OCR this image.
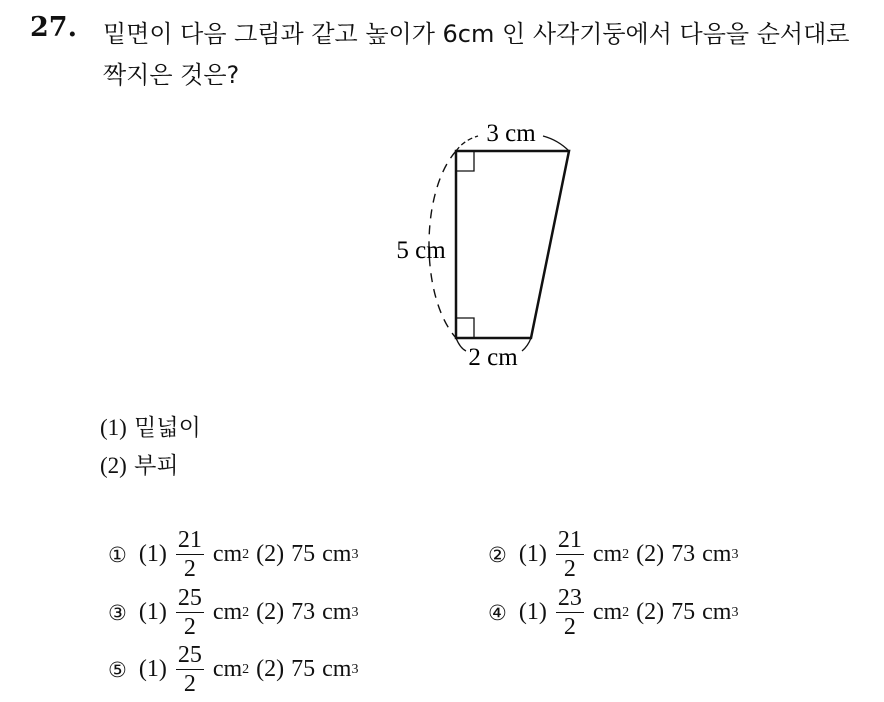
27. 밑면이 다음 그림과 같고 높이가 6cm 인 사각기둥에서 다음을 순서대로 짝지은 것은?
3 cm
5 cm
2 cm
(1) 밑넓이
(2) 부피
① $(1) \frac{21}{2}$ cm 2 (2) 75 cm 3	② $(1) \frac{21}{2}$ cm 2 (2) 73 cm 3
③ $(1) \frac{25}{2}$ cm 2 (2) 73 cm 3	④ $(1) \frac{23}{2}$ cm 2 (2) 75 cm 3
⑤ $(1) \frac{25}{2}$ cm 2 (2) 75 cm 3
